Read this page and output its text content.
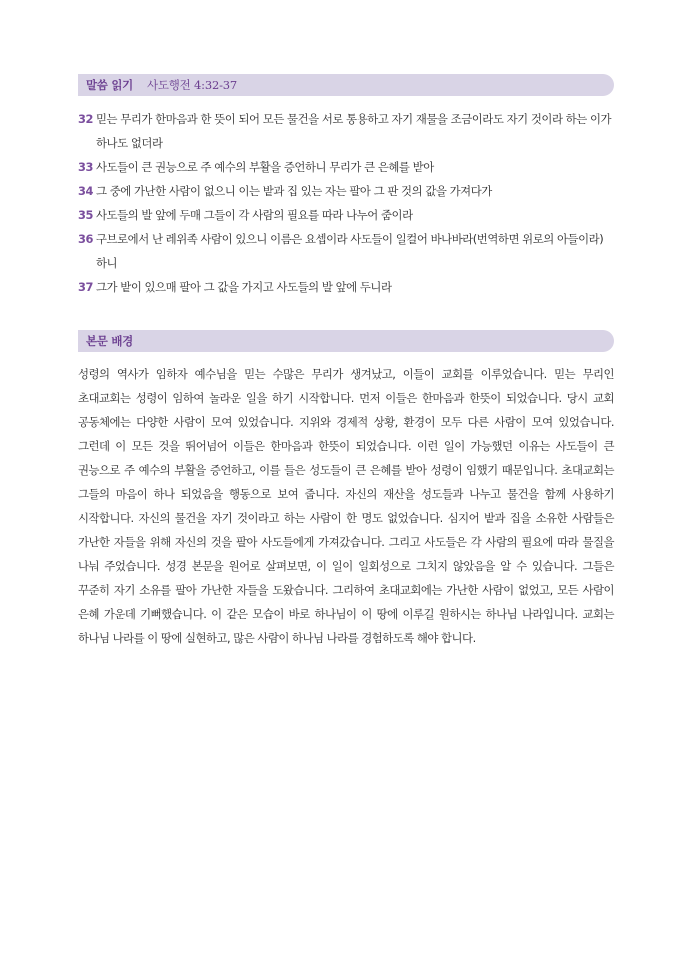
말씀 읽기 사도행전 4:32-37
32 믿는 무리가 한마음과 한 뜻이 되어 모든 물건을 서로 통용하고 자기 재물을 조금이라도 자기 것이라 하는 이가 하나도 없더라
33 사도들이 큰 권능으로 주 예수의 부활을 증언하니 무리가 큰 은혜를 받아
34 그 중에 가난한 사람이 없으니 이는 밭과 집 있는 자는 팔아 그 판 것의 값을 가져다가
35 사도들의 발 앞에 두매 그들이 각 사람의 필요를 따라 나누어 줌이라
36 구브로에서 난 레위족 사람이 있으니 이름은 요셉이라 사도들이 일컬어 바나바라(번역하면 위로의 아들이라) 하니
37 그가 밭이 있으매 팔아 그 값을 가지고 사도들의 발 앞에 두니라
본문 배경

성령의 역사가 임하자 예수님을 믿는 수많은 무리가 생겨났고, 이들이 교회를 이루었습니다. 믿는 무리인 초대교회는 성령이 임하여 놀라운 일을 하기 시작합니다. 먼저 이들은 한마음과 한뜻이 되었습니다. 당시 교회 공동체에는 다양한 사람이 모여 있었습니다. 지위와 경제적 상황, 환경이 모두 다른 사람이 모여 있었습니다. 그런데 이 모든 것을 뛰어넘어 이들은 한마음과 한뜻이 되었습니다. 이런 일이 가능했던 이유는 사도들이 큰 권능으로 주 예수의 부활을 증언하고, 이를 들은 성도들이 큰 은혜를 받아 성령이 임했기 때문입니다. 초대교회는 그들의 마음이 하나 되었음을 행동으로 보여 줍니다. 자신의 재산을 성도들과 나누고 물건을 함께 사용하기 시작합니다. 자신의 물건을 자기 것이라고 하는 사람이 한 명도 없었습니다. 심지어 밭과 집을 소유한 사람들은 가난한 자들을 위해 자신의 것을 팔아 사도들에게 가져갔습니다. 그리고 사도들은 각 사람의 필요에 따라 물질을 나눠 주었습니다. 성경 본문을 원어로 살펴보면, 이 일이 일회성으로 그치지 않았음을 알 수 있습니다. 그들은 꾸준히 자기 소유를 팔아 가난한 자들을 도왔습니다. 그리하여 초대교회에는 가난한 사람이 없었고, 모든 사람이 은혜 가운데 기뻐했습니다. 이 같은 모습이 바로 하나님이 이 땅에 이루길 원하시는 하나님 나라입니다. 교회는 하나님 나라를 이 땅에 실현하고, 많은 사람이 하나님 나라를 경험하도록 해야 합니다.
